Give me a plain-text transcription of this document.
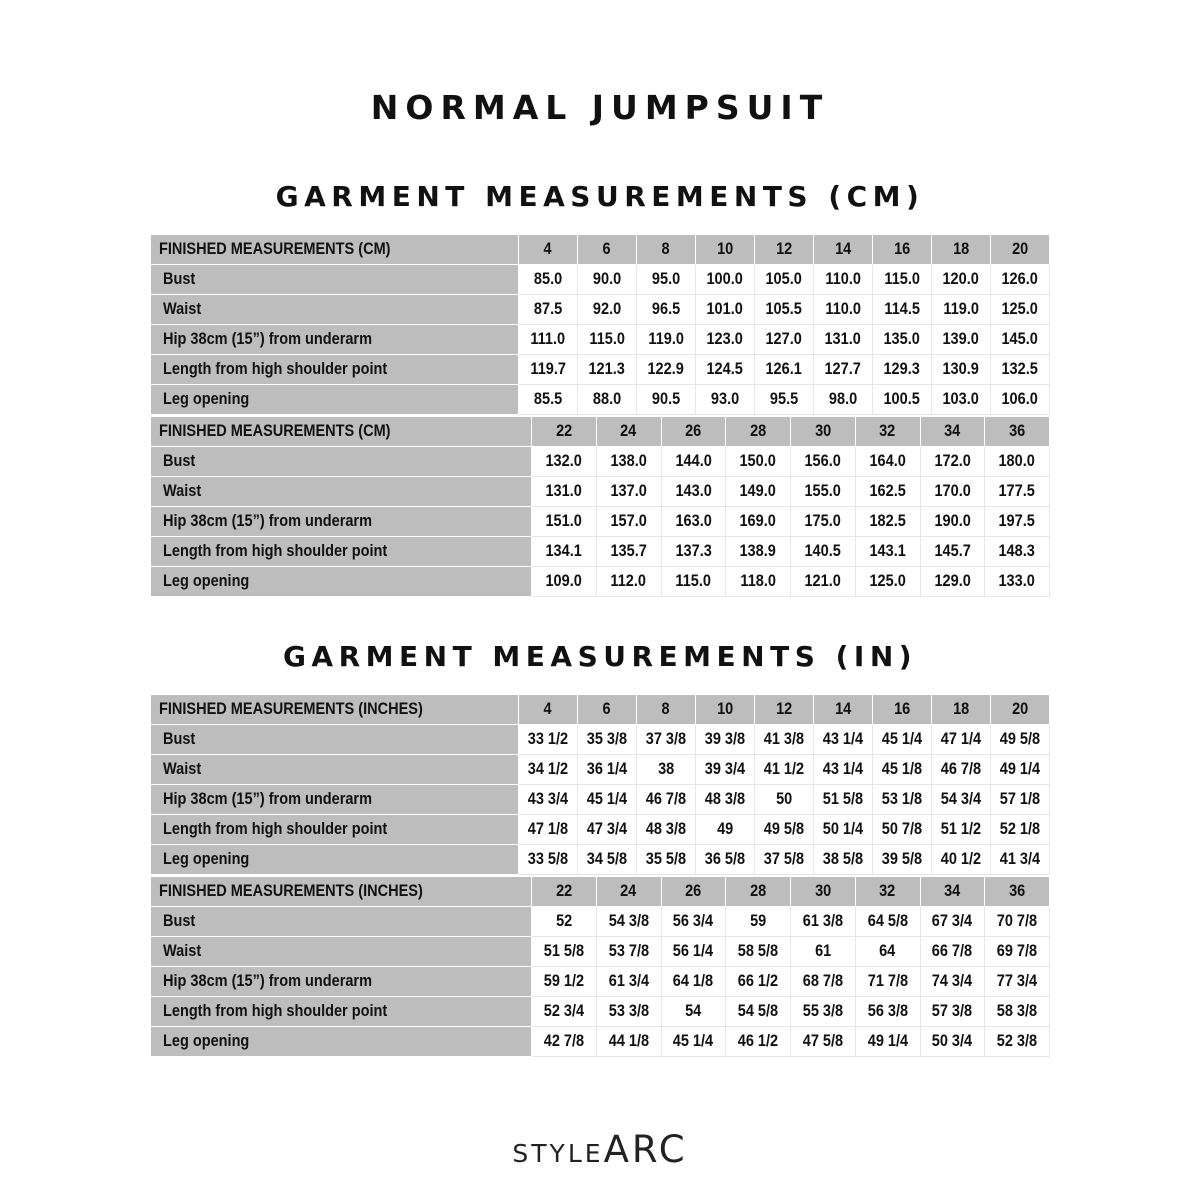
NORMAL JUMPSUIT
GARMENT MEASUREMENTS (CM)
FINISHED MEASUREMENTS (CM)	4	6	8	10	12	14	16	18	20
Bust	85.0	90.0	95.0	100.0	105.0	110.0	115.0	120.0	126.0
Waist	87.5	92.0	96.5	101.0	105.5	110.0	114.5	119.0	125.0
Hip 38cm (15”) from underarm	111.0	115.0	119.0	123.0	127.0	131.0	135.0	139.0	145.0
Length from high shoulder point	119.7	121.3	122.9	124.5	126.1	127.7	129.3	130.9	132.5
Leg opening	85.5	88.0	90.5	93.0	95.5	98.0	100.5	103.0	106.0
FINISHED MEASUREMENTS (CM)	22	24	26	28	30	32	34	36
Bust	132.0	138.0	144.0	150.0	156.0	164.0	172.0	180.0
Waist	131.0	137.0	143.0	149.0	155.0	162.5	170.0	177.5
Hip 38cm (15”) from underarm	151.0	157.0	163.0	169.0	175.0	182.5	190.0	197.5
Length from high shoulder point	134.1	135.7	137.3	138.9	140.5	143.1	145.7	148.3
Leg opening	109.0	112.0	115.0	118.0	121.0	125.0	129.0	133.0
GARMENT MEASUREMENTS (IN)
FINISHED MEASUREMENTS (INCHES)	4	6	8	10	12	14	16	18	20
Bust	33 1/2	35 3/8	37 3/8	39 3/8	41 3/8	43 1/4	45 1/4	47 1/4	49 5/8
Waist	34 1/2	36 1/4	38	39 3/4	41 1/2	43 1/4	45 1/8	46 7/8	49 1/4
Hip 38cm (15”) from underarm	43 3/4	45 1/4	46 7/8	48 3/8	50	51 5/8	53 1/8	54 3/4	57 1/8
Length from high shoulder point	47 1/8	47 3/4	48 3/8	49	49 5/8	50 1/4	50 7/8	51 1/2	52 1/8
Leg opening	33 5/8	34 5/8	35 5/8	36 5/8	37 5/8	38 5/8	39 5/8	40 1/2	41 3/4
FINISHED MEASUREMENTS (INCHES)	22	24	26	28	30	32	34	36
Bust	52	54 3/8	56 3/4	59	61 3/8	64 5/8	67 3/4	70 7/8
Waist	51 5/8	53 7/8	56 1/4	58 5/8	61	64	66 7/8	69 7/8
Hip 38cm (15”) from underarm	59 1/2	61 3/4	64 1/8	66 1/2	68 7/8	71 7/8	74 3/4	77 3/4
Length from high shoulder point	52 3/4	53 3/8	54	54 5/8	55 3/8	56 3/8	57 3/8	58 3/8
Leg opening	42 7/8	44 1/8	45 1/4	46 1/2	47 5/8	49 1/4	50 3/4	52 3/8
STYLEARC
